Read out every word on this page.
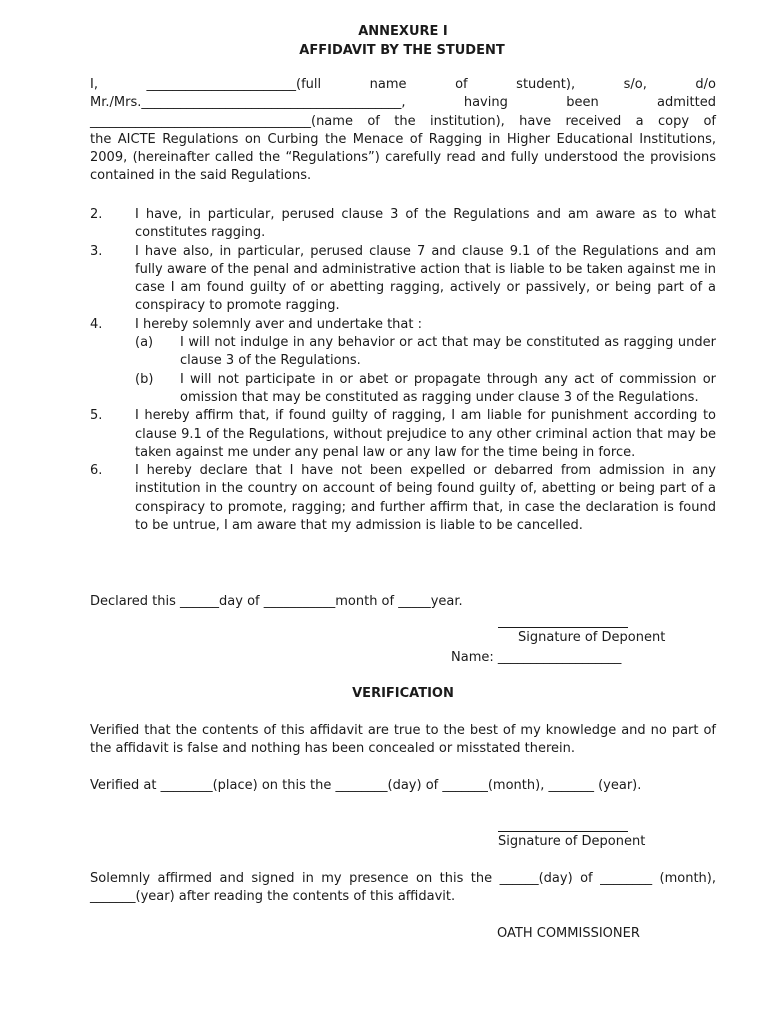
ANNEXURE I
AFFIDAVIT BY THE STUDENT
I, _______________________(full name of student), s/o, d/o
Mr./Mrs.________________________________________, having been admitted
__________________________________(name of the institution), have received a copy of
the AICTE Regulations on Curbing the Menace of Ragging in Higher Educational Institutions, 2009, (hereinafter called the “Regulations”) carefully read and fully understood the provisions contained in the said Regulations.
2.	I have, in particular, perused clause 3 of the Regulations and am aware as to what constitutes ragging.
3.	I have also, in particular, perused clause 7 and clause 9.1 of the Regulations and am fully aware of the penal and administrative action that is liable to be taken against me in case I am found guilty of or abetting ragging, actively or passively, or being part of a conspiracy to promote ragging.
4.	I hereby solemnly aver and undertake that :
(a) I will not indulge in any behavior or act that may be constituted as ragging under clause 3 of the Regulations.
(b) I will not participate in or abet or propagate through any act of commission or omission that may be constituted as ragging under clause 3 of the Regulations.
5.	I hereby affirm that, if found guilty of ragging, I am liable for punishment according to clause 9.1 of the Regulations, without prejudice to any other criminal action that may be taken against me under any penal law or any law for the time being in force.
6.	I hereby declare that I have not been expelled or debarred from admission in any institution in the country on account of being found guilty of, abetting or being part of a conspiracy to promote, ragging; and further affirm that, in case the declaration is found to be untrue, I am aware that my admission is liable to be cancelled.
Declared this ______day of ___________month of _____year.
Signature of Deponent
Name: ___________________
VERIFICATION
Verified that the contents of this affidavit are true to the best of my knowledge and no part of the affidavit is false and nothing has been concealed or misstated therein.
Verified at ________(place) on this the ________(day) of _______(month), _______ (year).
Signature of Deponent
Solemnly affirmed and signed in my presence on this the ______(day) of ________ (month), _______(year) after reading the contents of this affidavit.
OATH COMMISSIONER
